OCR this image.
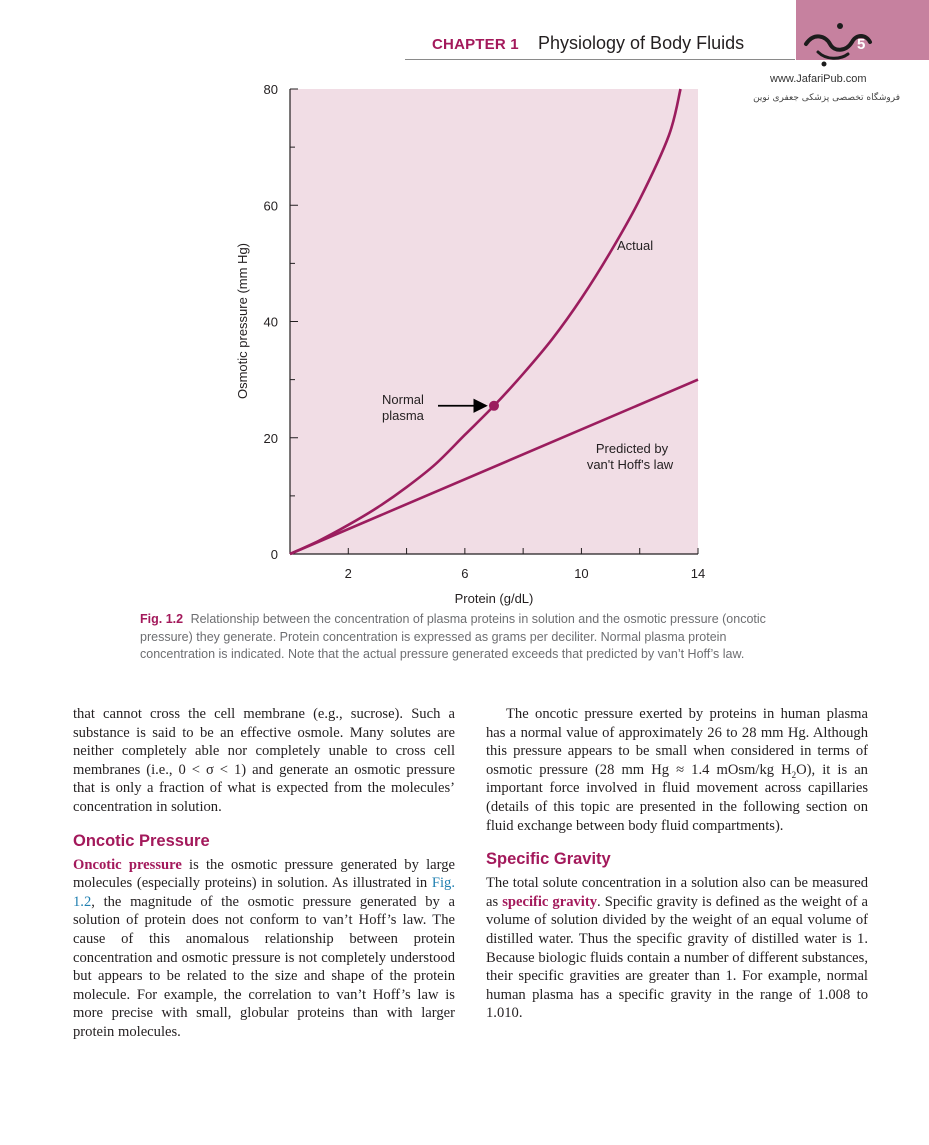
CHAPTER 1 Physiology of Body Fluids	5
www.JafariPub.com
فروشگاه تخصصی پزشکی جعفری نوین
0
20
40
60
80
2	6	10	14
Normal
plasma
Actual
Predicted by
van't Hoff's law
Protein (g/dL)
Osmotic pressure (mm Hg)
Fig. 1.2 Relationship between the concentration of plasma proteins in solution and the osmotic pressure (oncotic pressure) they generate. Protein concentration is expressed as grams per deciliter. Normal plasma protein concentration is indicated. Note that the actual pressure generated exceeds that predicted by van’t Hoff’s law.

that cannot cross the cell membrane (e.g., sucrose). Such a substance is said to be an effective osmole. Many solutes are neither completely able nor completely unable to cross cell membranes (i.e., 0 < σ < 1) and generate an osmotic pressure that is only a fraction of what is expected from the molecules’ concentration in solution.

Oncotic Pressure

Oncotic pressure is the osmotic pressure generated by large molecules (especially proteins) in solution. As illustrated in Fig. 1.2, the magnitude of the osmotic pressure generated by a solution of protein does not conform to van’t Hoff’s law. The cause of this anomalous relationship between protein concentration and osmotic pressure is not completely understood but appears to be related to the size and shape of the protein molecule. For example, the correlation to van’t Hoff’s law is more precise with small, globular proteins than with larger protein molecules.

The oncotic pressure exerted by proteins in human plasma has a normal value of approximately 26 to 28 mm Hg. Although this pressure appears to be small when considered in terms of osmotic pressure (28 mm Hg ≈ 1.4 mOsm/kg $H_2O$), it is an important force involved in fluid movement across capillaries (details of this topic are presented in the following section on fluid exchange between body fluid compartments).

Specific Gravity

The total solute concentration in a solution also can be measured as specific gravity. Specific gravity is defined as the weight of a volume of solution divided by the weight of an equal volume of distilled water. Thus the specific gravity of distilled water is 1. Because biologic fluids contain a number of different substances, their specific gravities are greater than 1. For example, normal human plasma has a specific gravity in the range of 1.008 to 1.010.
